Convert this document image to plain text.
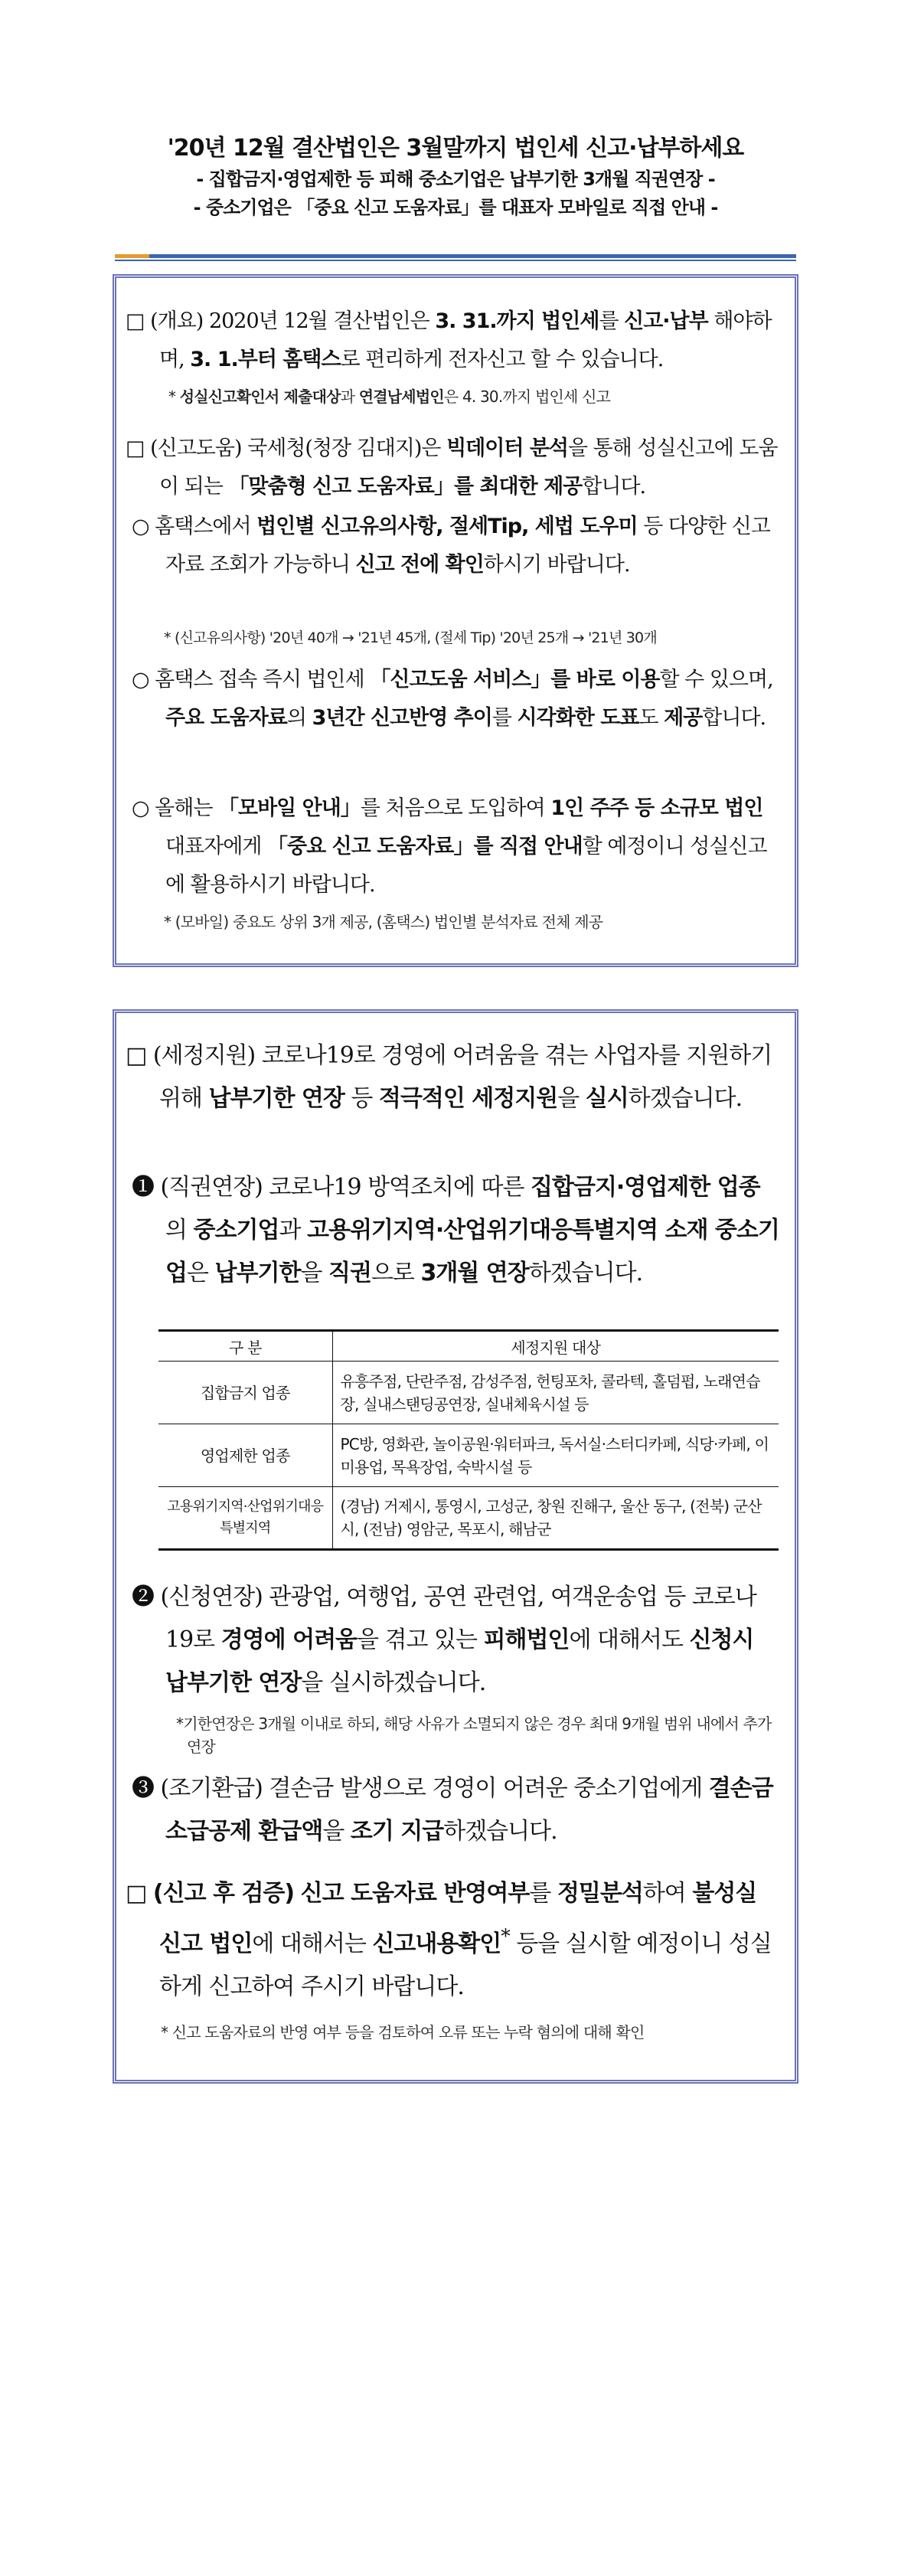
'20년 12월 결산법인은 3월말까지 법인세 신고·납부하세요
- 집합금지·영업제한 등 피해 중소기업은 납부기한 3개월 직권연장 -
- 중소기업은 「중요 신고 도움자료」를 대표자 모바일로 직접 안내 -
□ (개요) 2020년 12월 결산법인은 3. 31.까지 법인세를 신고·납부 해야하며, 3. 1.부터 홈택스로 편리하게 전자신고 할 수 있습니다.
* 성실신고확인서 제출대상과 연결납세법인은 4. 30.까지 법인세 신고
□ (신고도움) 국세청(청장 김대지)은 빅데이터 분석을 통해 성실신고에 도움이 되는 「맞춤형 신고 도움자료」를 최대한 제공합니다.
○ 홈택스에서 법인별 신고유의사항, 절세Tip, 세법 도우미 등 다양한 신고 자료 조회가 가능하니 신고 전에 확인하시기 바랍니다.
* (신고유의사항) '20년 40개 → '21년 45개, (절세 Tip) '20년 25개 → '21년 30개
○ 홈택스 접속 즉시 법인세 「신고도움 서비스」를 바로 이용할 수 있으며, 주요 도움자료의 3년간 신고반영 추이를 시각화한 도표도 제공합니다.
○ 올해는 「모바일 안내」를 처음으로 도입하여 1인 주주 등 소규모 법인 대표자에게 「중요 신고 도움자료」를 직접 안내할 예정이니 성실신고에 활용하시기 바랍니다.
* (모바일) 중요도 상위 3개 제공, (홈택스) 법인별 분석자료 전체 제공
□ (세정지원) 코로나19로 경영에 어려움을 겪는 사업자를 지원하기 위해 납부기한 연장 등 적극적인 세정지원을 실시하겠습니다.
❶ (직권연장) 코로나19 방역조치에 따른 집합금지·영업제한 업종의 중소기업과 고용위기지역·산업위기대응특별지역 소재 중소기업은 납부기한을 직권으로 3개월 연장하겠습니다.
구 분	세정지원 대상
집합금지 업종	유흥주점, 단란주점, 감성주점, 헌팅포차, 콜라텍, 홀덤펍, 노래연습장, 실내스탠딩공연장, 실내체육시설 등
영업제한 업종	PC방, 영화관, 놀이공원·워터파크, 독서실·스터디카페, 식당·카페, 이미용업, 목욕장업, 숙박시설 등
고용위기지역·산업위기대응특별지역	(경남) 거제시, 통영시, 고성군, 창원 진해구, 울산 동구, (전북) 군산시, (전남) 영암군, 목포시, 해남군
❷ (신청연장) 관광업, 여행업, 공연 관련업, 여객운송업 등 코로나19로 경영에 어려움을 겪고 있는 피해법인에 대해서도 신청시 납부기한 연장을 실시하겠습니다.
*기한연장은 3개월 이내로 하되, 해당 사유가 소멸되지 않은 경우 최대 9개월 범위 내에서 추가 연장
❸ (조기환급) 결손금 발생으로 경영이 어려운 중소기업에게 결손금소급공제 환급액을 조기 지급하겠습니다.
□ (신고 후 검증) 신고 도움자료 반영여부를 정밀분석하여 불성실 신고 법인에 대해서는 신고내용확인* 등을 실시할 예정이니 성실하게 신고하여 주시기 바랍니다.
* 신고 도움자료의 반영 여부 등을 검토하여 오류 또는 누락 혐의에 대해 확인
